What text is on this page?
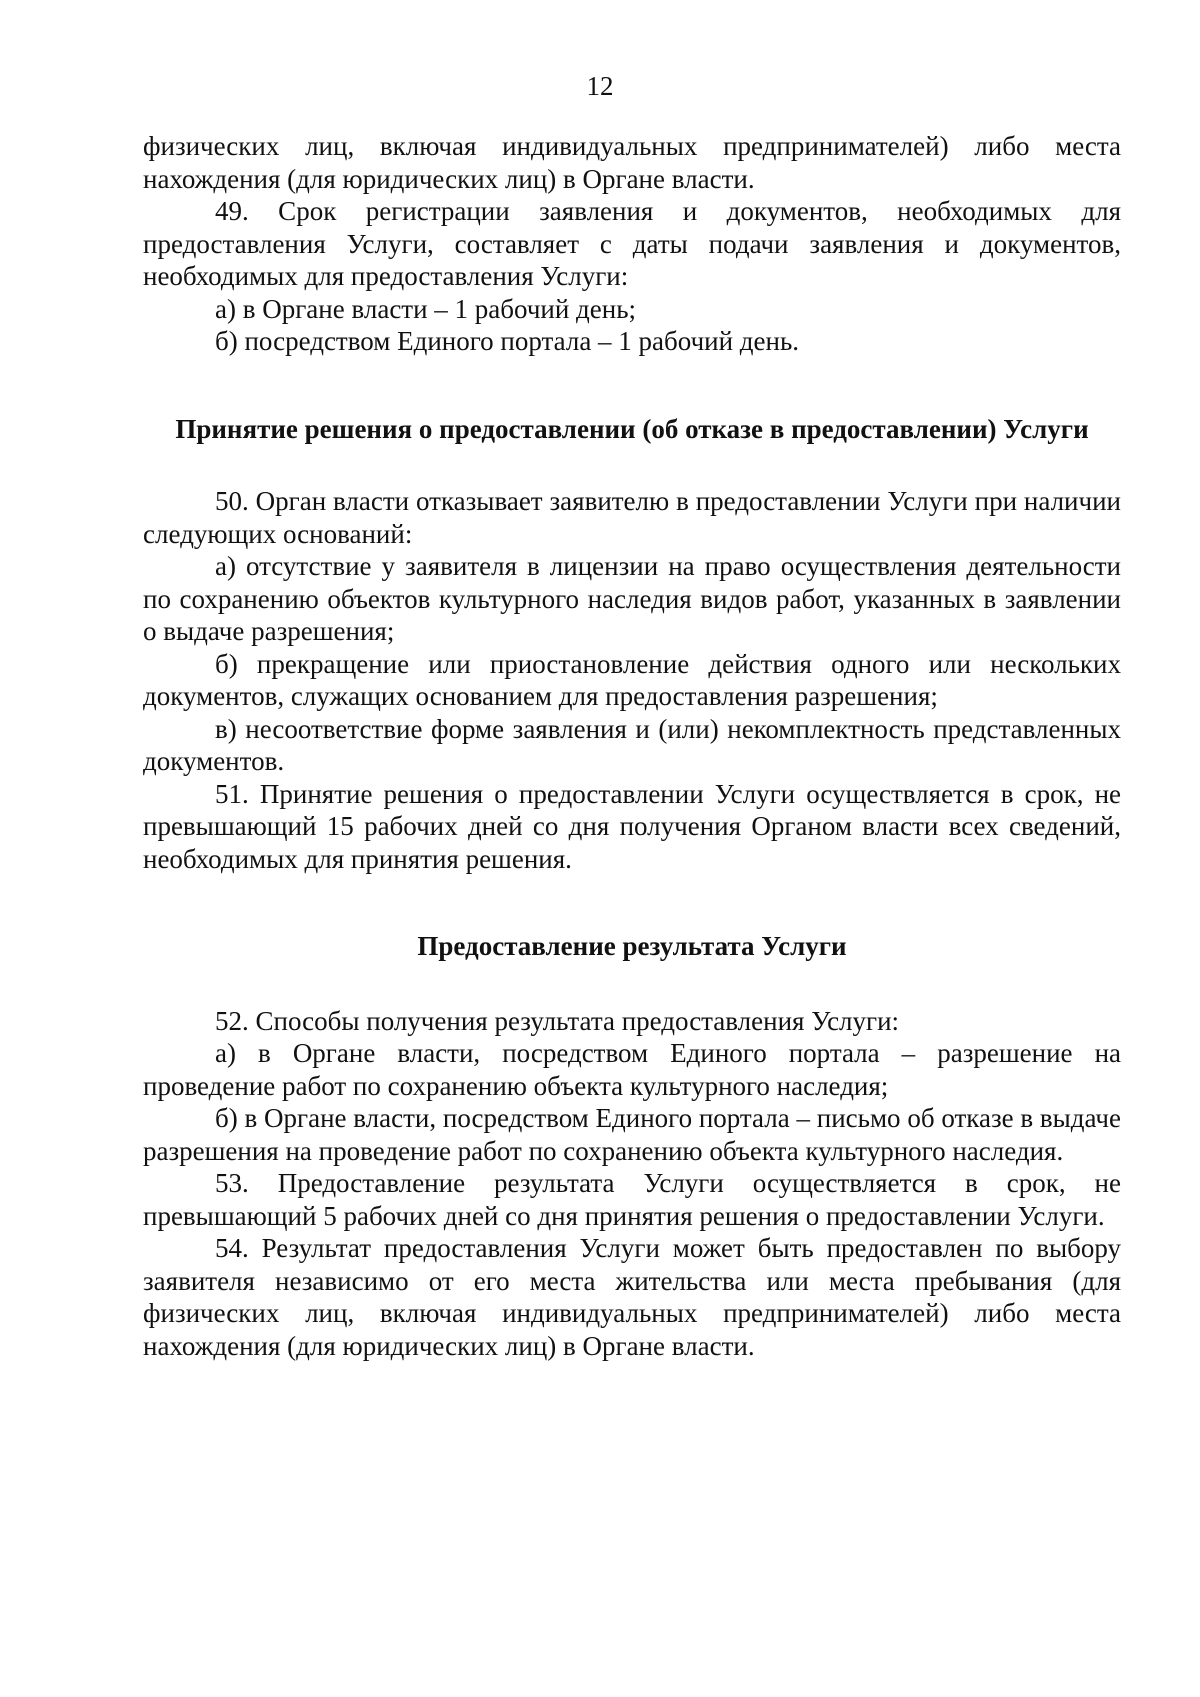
12

физических лиц, включая индивидуальных предпринимателей) либо места нахождения (для юридических лиц) в Органе власти.

49. Срок регистрации заявления и документов, необходимых для предоставления Услуги, составляет с даты подачи заявления и документов, необходимых для предоставления Услуги:

а) в Органе власти – 1 рабочий день;

б) посредством Единого портала – 1 рабочий день.

Принятие решения о предоставлении (об отказе в предоставлении) Услуги

50. Орган власти отказывает заявителю в предоставлении Услуги при наличии следующих оснований:

а) отсутствие у заявителя в лицензии на право осуществления деятельности по сохранению объектов культурного наследия видов работ, указанных в заявлении о выдаче разрешения;

б) прекращение или приостановление действия одного или нескольких документов, служащих основанием для предоставления разрешения;

в) несоответствие форме заявления и (или) некомплектность представленных документов.

51. Принятие решения о предоставлении Услуги осуществляется в срок, не превышающий 15 рабочих дней со дня получения Органом власти всех сведений, необходимых для принятия решения.

Предоставление результата Услуги

52. Способы получения результата предоставления Услуги:

а) в Органе власти, посредством Единого портала – разрешение на проведение работ по сохранению объекта культурного наследия;

б) в Органе власти, посредством Единого портала – письмо об отказе в выдаче разрешения на проведение работ по сохранению объекта культурного наследия.

53. Предоставление результата Услуги осуществляется в срок, не превышающий 5 рабочих дней со дня принятия решения о предоставлении Услуги.

54. Результат предоставления Услуги может быть предоставлен по выбору заявителя независимо от его места жительства или места пребывания (для физических лиц, включая индивидуальных предпринимателей) либо места нахождения (для юридических лиц) в Органе власти.
